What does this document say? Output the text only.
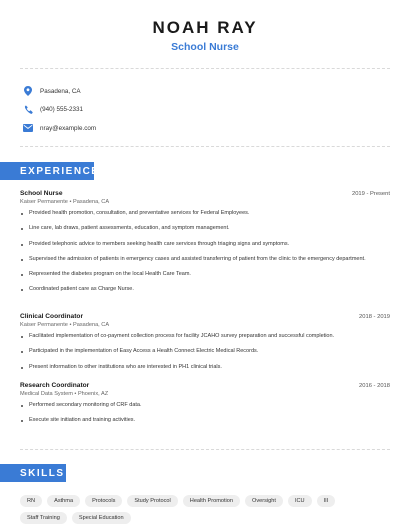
NOAH RAY
School Nurse
Pasadena, CA
(940) 555-2331
nray@example.com
EXPERIENCE
School Nurse	2019 - Present
Kaiser Permanente • Pasadena, CA
Provided health promotion, consultation, and preventative services for Federal Employees.
Line care, lab draws, patient assessments, education, and symptom management.
Provided telephonic advice to members seeking health care services through triaging signs and symptoms.
Supervised the admission of patients in emergency cases and assisted transferring of patient from the clinic to the emergency department.
Represented the diabetes program on the local Health Care Team.
Coordinated patient care as Charge Nurse.
Clinical Coordinator	2018 - 2019
Kaiser Permanente • Pasadena, CA
Facilitated implementation of co-payment collection process for facility JCAHO survey preparation and successful completion.
Participated in the implementation of Easy Access a Health Connect Electric Medical Records.
Present information to other institutions who are interested in PH1 clinical trials.
Research Coordinator	2016 - 2018
Medical Data System • Phoenix, AZ
Performed secondary monitoring of CRF data.
Execute site initiation and training activities.
SKILLS
RN	Asthma	Protocols	Study Protocol	Health Promotion	Oversight	ICU	III
Staff Training	Special Education
